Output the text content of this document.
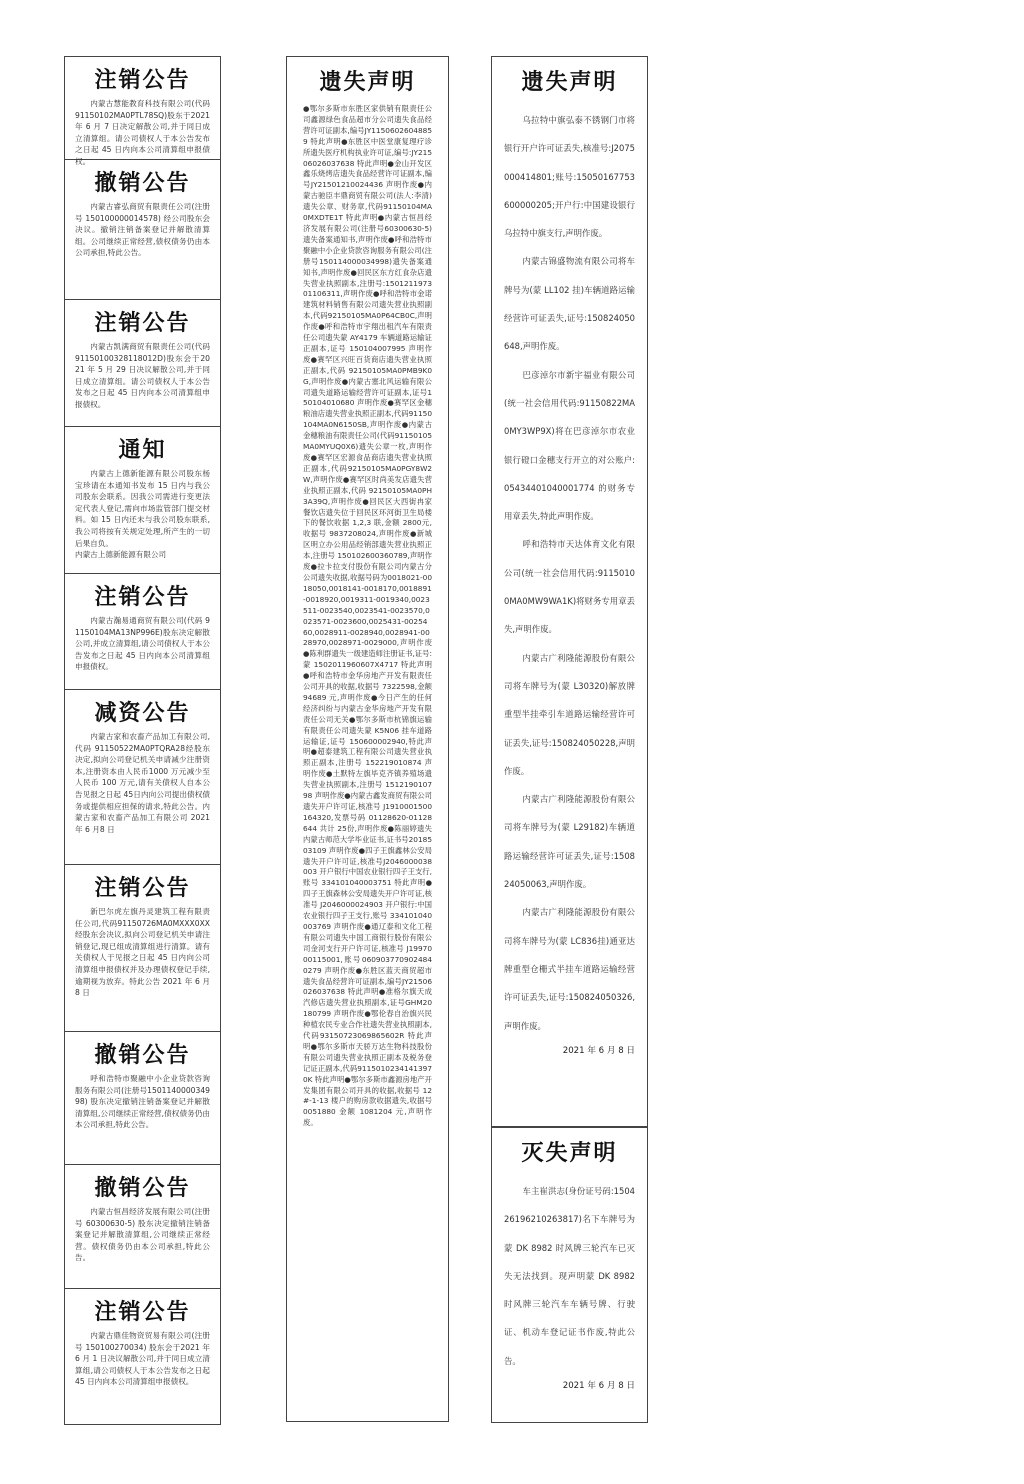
注销公告
内蒙古慧能教育科技有限公司(代码 91150102MA0PTL78SQ)股东于2021 年 6 月 7 日决定解散公司,并于同日成立清算组。请公司债权人于本公告发布之日起 45 日内向本公司清算组申报债权。
撤销公告
内蒙古睿弘商贸有限责任公司(注册号 150100000014578) 经公司股东会决议。撤销注销备案登记并解散清算组。公司继续正常经营,债权债务仍由本公司承担,特此公告。
注销公告
内蒙古凯满商贸有限责任公司(代码 91150100328118012D)股东会于2021 年 5 月 29 日决议解散公司,并于同日成立清算组。请公司债权人于本公告发布之日起 45 日内向本公司清算组申报债权。
通知
内蒙古上德新能源有限公司股东杨宝珍请在本通知书发布 15 日内与我公司股东会联系。因我公司需进行变更法定代表人登记,需向市场监管部门提交材料。如 15 日内还未与我公司股东联系,我公司将按有关规定处理,所产生的一切后果自负。
内蒙古上德新能源有限公司
注销公告
内蒙古瀚易通商贸有限公司(代码 91150104MA13NP996E)股东决定解散公司,并成立清算组,请公司债权人于本公告发布之日起 45 日内向本公司清算组申报债权。
减资公告
内蒙古家和农畜产品加工有限公司,代码 91150522MA0PTQRA28经股东决定,拟向公司登记机关申请减少注册资本,注册资本由人民币1000 万元减少至人民币 100 万元,请有关债权人自本公告见报之日起 45日内向公司提出债权债务或提供相应担保的请求,特此公告。内蒙古家和农畜产品加工有限公司 2021 年 6 月8 日
注销公告
新巴尔虎左旗丹灵建筑工程有限责任公司,代码91150726MA0MXXX0XX 经股东会决议,拟向公司登记机关申请注销登记,现已组成清算组进行清算。请有关债权人于见报之日起 45 日内向公司清算组申报债权并及办理债权登记手续,逾期视为放弃。特此公告 2021 年 6 月8 日
撤销公告
呼和浩特市聚融中小企业贷款咨询服务有限公司(注册号150114000034998) 股东决定撤销注销备案登记并解散清算组,公司继续正常经营,债权债务仍由本公司承担,特此公告。
撤销公告
内蒙古恒昌经济发展有限公司(注册号 60300630-5) 股东决定撤销注销备案登记并解散清算组,公司继续正常经营。债权债务仍由本公司承担,特此公告。
注销公告
内蒙古鼎佳物资贸易有限公司(注册号 150100270034) 股东会于2021 年 6 月 1 日决议解散公司,并于同日成立清算组,请公司债权人于本公告发布之日起 45 日内向本公司清算组申报债权。
遗失声明
●鄂尔多斯市东胜区家供销有限责任公司鑫源绿色食品超市分公司遗失食品经营许可证副本,编号JY11506026048859 特此声明●东胜区中医堂康复理疗诊所遗失医疗机构执业许可证,编号:JY21506026037638 特此声明●金山开发区鑫乐烧烤店遗失食品经营许可证副本,编号JY21501210024436 声明作废●内蒙古驰臣丰鼎商贸有限公司(法人:李清)遗失公章、财务章,代码91150104MA0MXDTE1T 特此声明●内蒙古恒昌经济发展有限公司(注册号60300630-5)遗失备案通知书,声明作废●呼和浩特市聚融中小企业贷款咨询服务有限公司(注册号150114000034998)遗失备案通知书,声明作废●回民区东方红食杂店遗失营业执照副本,注册号:150121197301106311,声明作废●呼和浩特市金诺建筑材料销售有限公司遗失营业执照副本,代码92150105MA0P64CB0C,声明作废●呼和浩特市宇翔出租汽车有限责任公司遗失蒙 AY4179 车辆道路运输证正副本,证号 150104007995 声明作废●赛罕区兴旺百货商店遗失营业执照正副本,代码 92150105MA0PMB9K0G,声明作废●内蒙古塞北风运输有限公司遗失道路运输经营许可证副本,证号150104010680 声明作废●赛罕区金穗粮油店遗失营业执照正副本,代码91150104MA0N6150SB,声明作废●内蒙古金穗粮油有限责任公司(代码91150105MA0MYUQ0X6)遗失公章一枚,声明作废●赛罕区宏源食品商店遗失营业执照正副本,代码92150105MA0PGY8W2W,声明作废●赛罕区时尚美发店遗失营业执照正副本,代码 92150105MA0PH3A39Q,声明作废●回民区大西街冉家餐饮店遗失位于回民区环河街卫生局楼下的餐饮收据 1,2,3 联,金额 2800元,收据号 9837208024,声明作废●新城区明立办公用品经销部遗失营业执照正本,注册号 150102600360789,声明作废●拉卡拉支付股份有限公司内蒙古分公司遗失收据,收据号码为0018021-0018050,0018141-0018170,0018891-0018920,0019311-0019340,0023511-0023540,0023541-0023570,0023571-0023600,0025431-0025460,0028911-0028940,0028941-0028970,0028971-0029000,声明作废●陈利群遗失一级建造师注册证书,证号:蒙 1502011960607X4717 特此声明●呼和浩特市金华房地产开发有限责任公司开具的收据,收据号 7322598,金额 94689 元,声明作废●今日产生的任何经济纠纷与内蒙古金华房地产开发有限责任公司无关●鄂尔多斯市杭锦旗运输有限责任公司遗失蒙 K5N06 挂车道路运输证,证号 150600002940,特此声明●超泰建筑工程有限公司遗失营业执照正副本,注册号 152219010874 声明作废●土默特左旗毕克齐镇养殖场遗失营业执照副本,注册号 151219010798 声明作废●内蒙古鑫发商贸有限公司遗失开户许可证,核准号 J1910001500164320,发票号码 01128620-01128644 共计 25份,声明作废●陈丽婷遗失内蒙古师范大学毕业证书,证书号2018503109 声明作废●四子王旗鑫林公安局遗失开户许可证,核准号J2046000038003 开户银行中国农业银行四子王支行,账号 334101040003751 特此声明●四子王旗森林公安局遗失开户许可证,核准号 J2046000024903 开户银行:中国农业银行四子王支行,账号 334101040003769 声明作废●通辽泰和文化工程有限公司遗失中国工商银行股份有限公司金河支行开户许可证,核准号 J1997000115001,账号0609037709024840279 声明作废●东胜区蓝天商贸超市遗失食品经营许可证副本,编号JY21506026037638 特此声明●准格尔旗天成汽修店遗失营业执照副本,证号GHM20180799 声明作废●鄂伦春自治旗兴民种植农民专业合作社遗失营业执照副本,代码93150723069865602R 特此声明●鄂尔多斯市天骄万达生物科技股份有限公司遗失营业执照正副本及税务登记证正副本,代码91150102341413970K 特此声明●鄂尔多斯市鑫源房地产开发集团有限公司开具的收据,收据号 12#-1-13 楼户的购房款收据遗失,收据号0051880 金额 1081204 元,声明作废。
遗失声明

乌拉特中旗弘泰不锈钢门市将银行开户许可证丢失,核准号:J2075000414801;账号:15050167753600000205;开户行:中国建设银行乌拉特中旗支行,声明作废。

内蒙古锦盛物流有限公司将车牌号为(蒙 LL102 挂)车辆道路运输经营许可证丢失,证号:150824050648,声明作废。

巴彦淖尔市新宇福业有限公司(统一社会信用代码:91150822MA0MY3WP9X)将在巴彦淖尔市农业银行磴口金穗支行开立的对公账户:05434401040001774 的财务专用章丢失,特此声明作废。

呼和浩特市天达体育文化有限公司(统一社会信用代码:91150100MA0MW9WA1K)将财务专用章丢失,声明作废。

内蒙古广利隆能源股份有限公司将车牌号为(蒙 L30320)解放牌重型半挂牵引车道路运输经营许可证丢失,证号:150824050228,声明作废。

内蒙古广利隆能源股份有限公司将车牌号为(蒙 L29182)车辆道路运输经营许可证丢失,证号:150824050063,声明作废。

内蒙古广利隆能源股份有限公司将车牌号为(蒙 LC836挂)通亚达牌重型仓栅式半挂车道路运输经营许可证丢失,证号:150824050326,声明作废。

2021 年 6 月 8 日
灭失声明

车主崔洪志(身份证号码:150426196210263817)名下车牌号为蒙 DK 8982 时风牌三轮汽车已灭失无法找到。现声明蒙 DK 8982 时风牌三轮汽车车辆号牌、行驶证、机动车登记证书作废,特此公告。

2021 年 6 月 8 日
